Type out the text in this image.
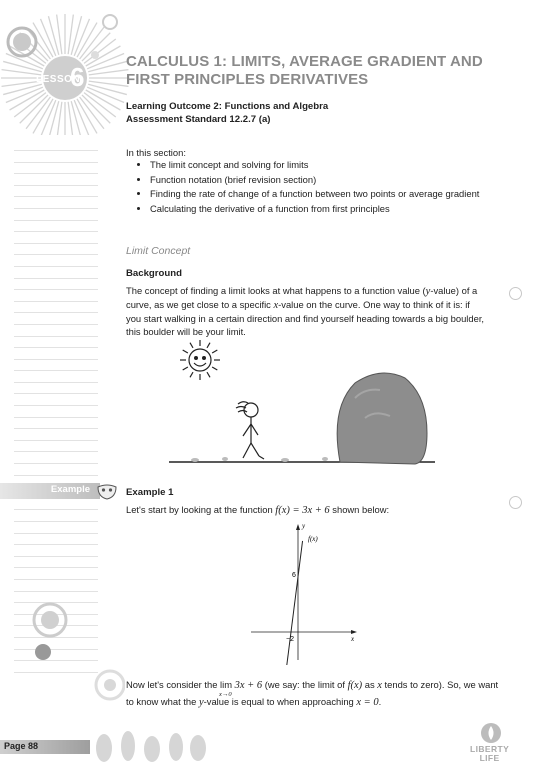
LESSON
6
CALCULUS 1: LIMITS, AVERAGE GRADIENT AND
FIRST PRINCIPLES DERIVATIVES
Learning Outcome 2: Functions and Algebra
Assessment Standard 12.2.7 (a)
In this section:
• The limit concept and solving for limits
• Function notation (brief revision section)
• Finding the rate of change of a function between two points or average gradient
• Calculating the derivative of a function from first principles
Limit Concept
Background
The concept of finding a limit looks at what happens to a function value (y-value) of a curve, as we get close to a specific x-value on the curve. One way to think of it is: if you start walking in a certain direction and find yourself heading towards a big boulder, this boulder will be your limit.
Example	Example 1
Let's start by looking at the function f(x) = 3x + 6 shown below:
y
x
f(x)
6
−2
Now let's consider the lim
x→0
3x + 6 (we say: the limit of f(x) as x tends to zero). So, we want to know what the y-value is equal to when approaching x = 0.
Page 88	LIBERTY
LIFE
